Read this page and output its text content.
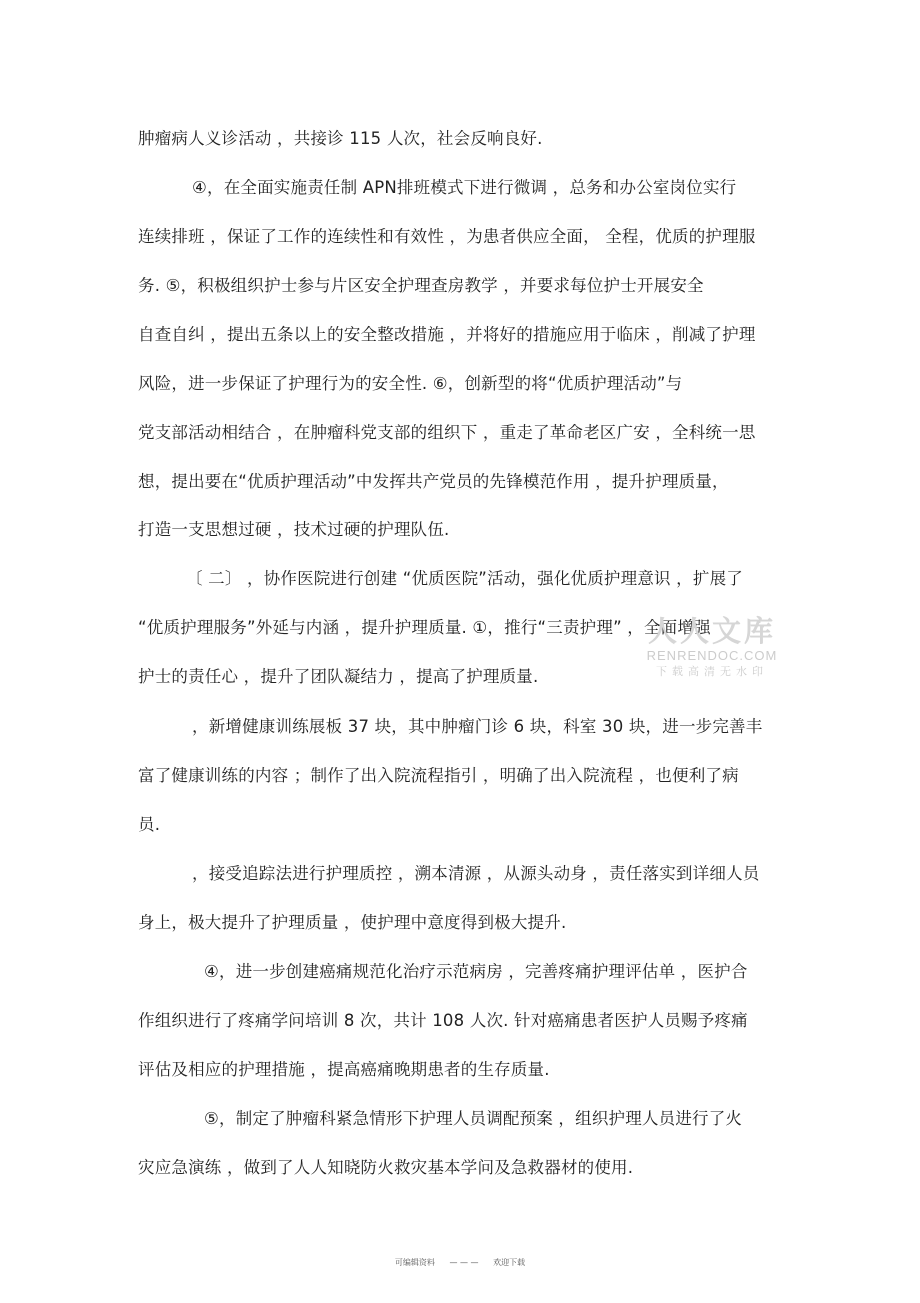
肿瘤病人义诊活动 ，共接诊 115 人次，社会反响良好.
④，在全面实施责任制 APN排班模式下进行微调 ，总务和办公室岗位实行
连续排班 ，保证了工作的连续性和有效性 ，为患者供应全面， 全程，优质的护理服
务. ⑤，积极组织护士参与片区安全护理查房教学 ，并要求每位护士开展安全
自查自纠 ，提出五条以上的安全整改措施 ，并将好的措施应用于临床 ，削减了护理
风险，进一步保证了护理行为的安全性. ⑥，创新型的将“优质护理活动”与
党支部活动相结合 ，在肿瘤科党支部的组织下 ，重走了革命老区广安 ，全科统一思
想，提出要在“优质护理活动”中发挥共产党员的先锋模范作用 ，提升护理质量，
打造一支思想过硬 ，技术过硬的护理队伍.
〔 二〕 ，协作医院进行创建 “优质医院”活动，强化优质护理意识 ，扩展了
“优质护理服务”外延与内涵 ，提升护理质量. ①，推行“三责护理” ，全面增强
护士的责任心 ，提升了团队凝结力 ，提高了护理质量.
，新增健康训练展板 37 块，其中肿瘤门诊 6 块，科室 30 块，进一步完善丰
富了健康训练的内容 ；制作了出入院流程指引 ，明确了出入院流程 ，也便利了病
员.
，接受追踪法进行护理质控 ，溯本清源 ，从源头动身 ，责任落实到详细人员
身上，极大提升了护理质量 ，使护理中意度得到极大提升.
④，进一步创建癌痛规范化治疗示范病房 ，完善疼痛护理评估单 ，医护合
作组织进行了疼痛学问培训 8 次，共计 108 人次. 针对癌痛患者医护人员赐予疼痛
评估及相应的护理措施 ，提高癌痛晚期患者的生存质量.
⑤，制定了肿瘤科紧急情形下护理人员调配预案 ，组织护理人员进行了火
灾应急演练 ，做到了人人知晓防火救灾基本学问及急救器材的使用.
人人文库
RENRENDOC.COM
下载高清无水印
可编辑资料 — — — 欢迎下载
